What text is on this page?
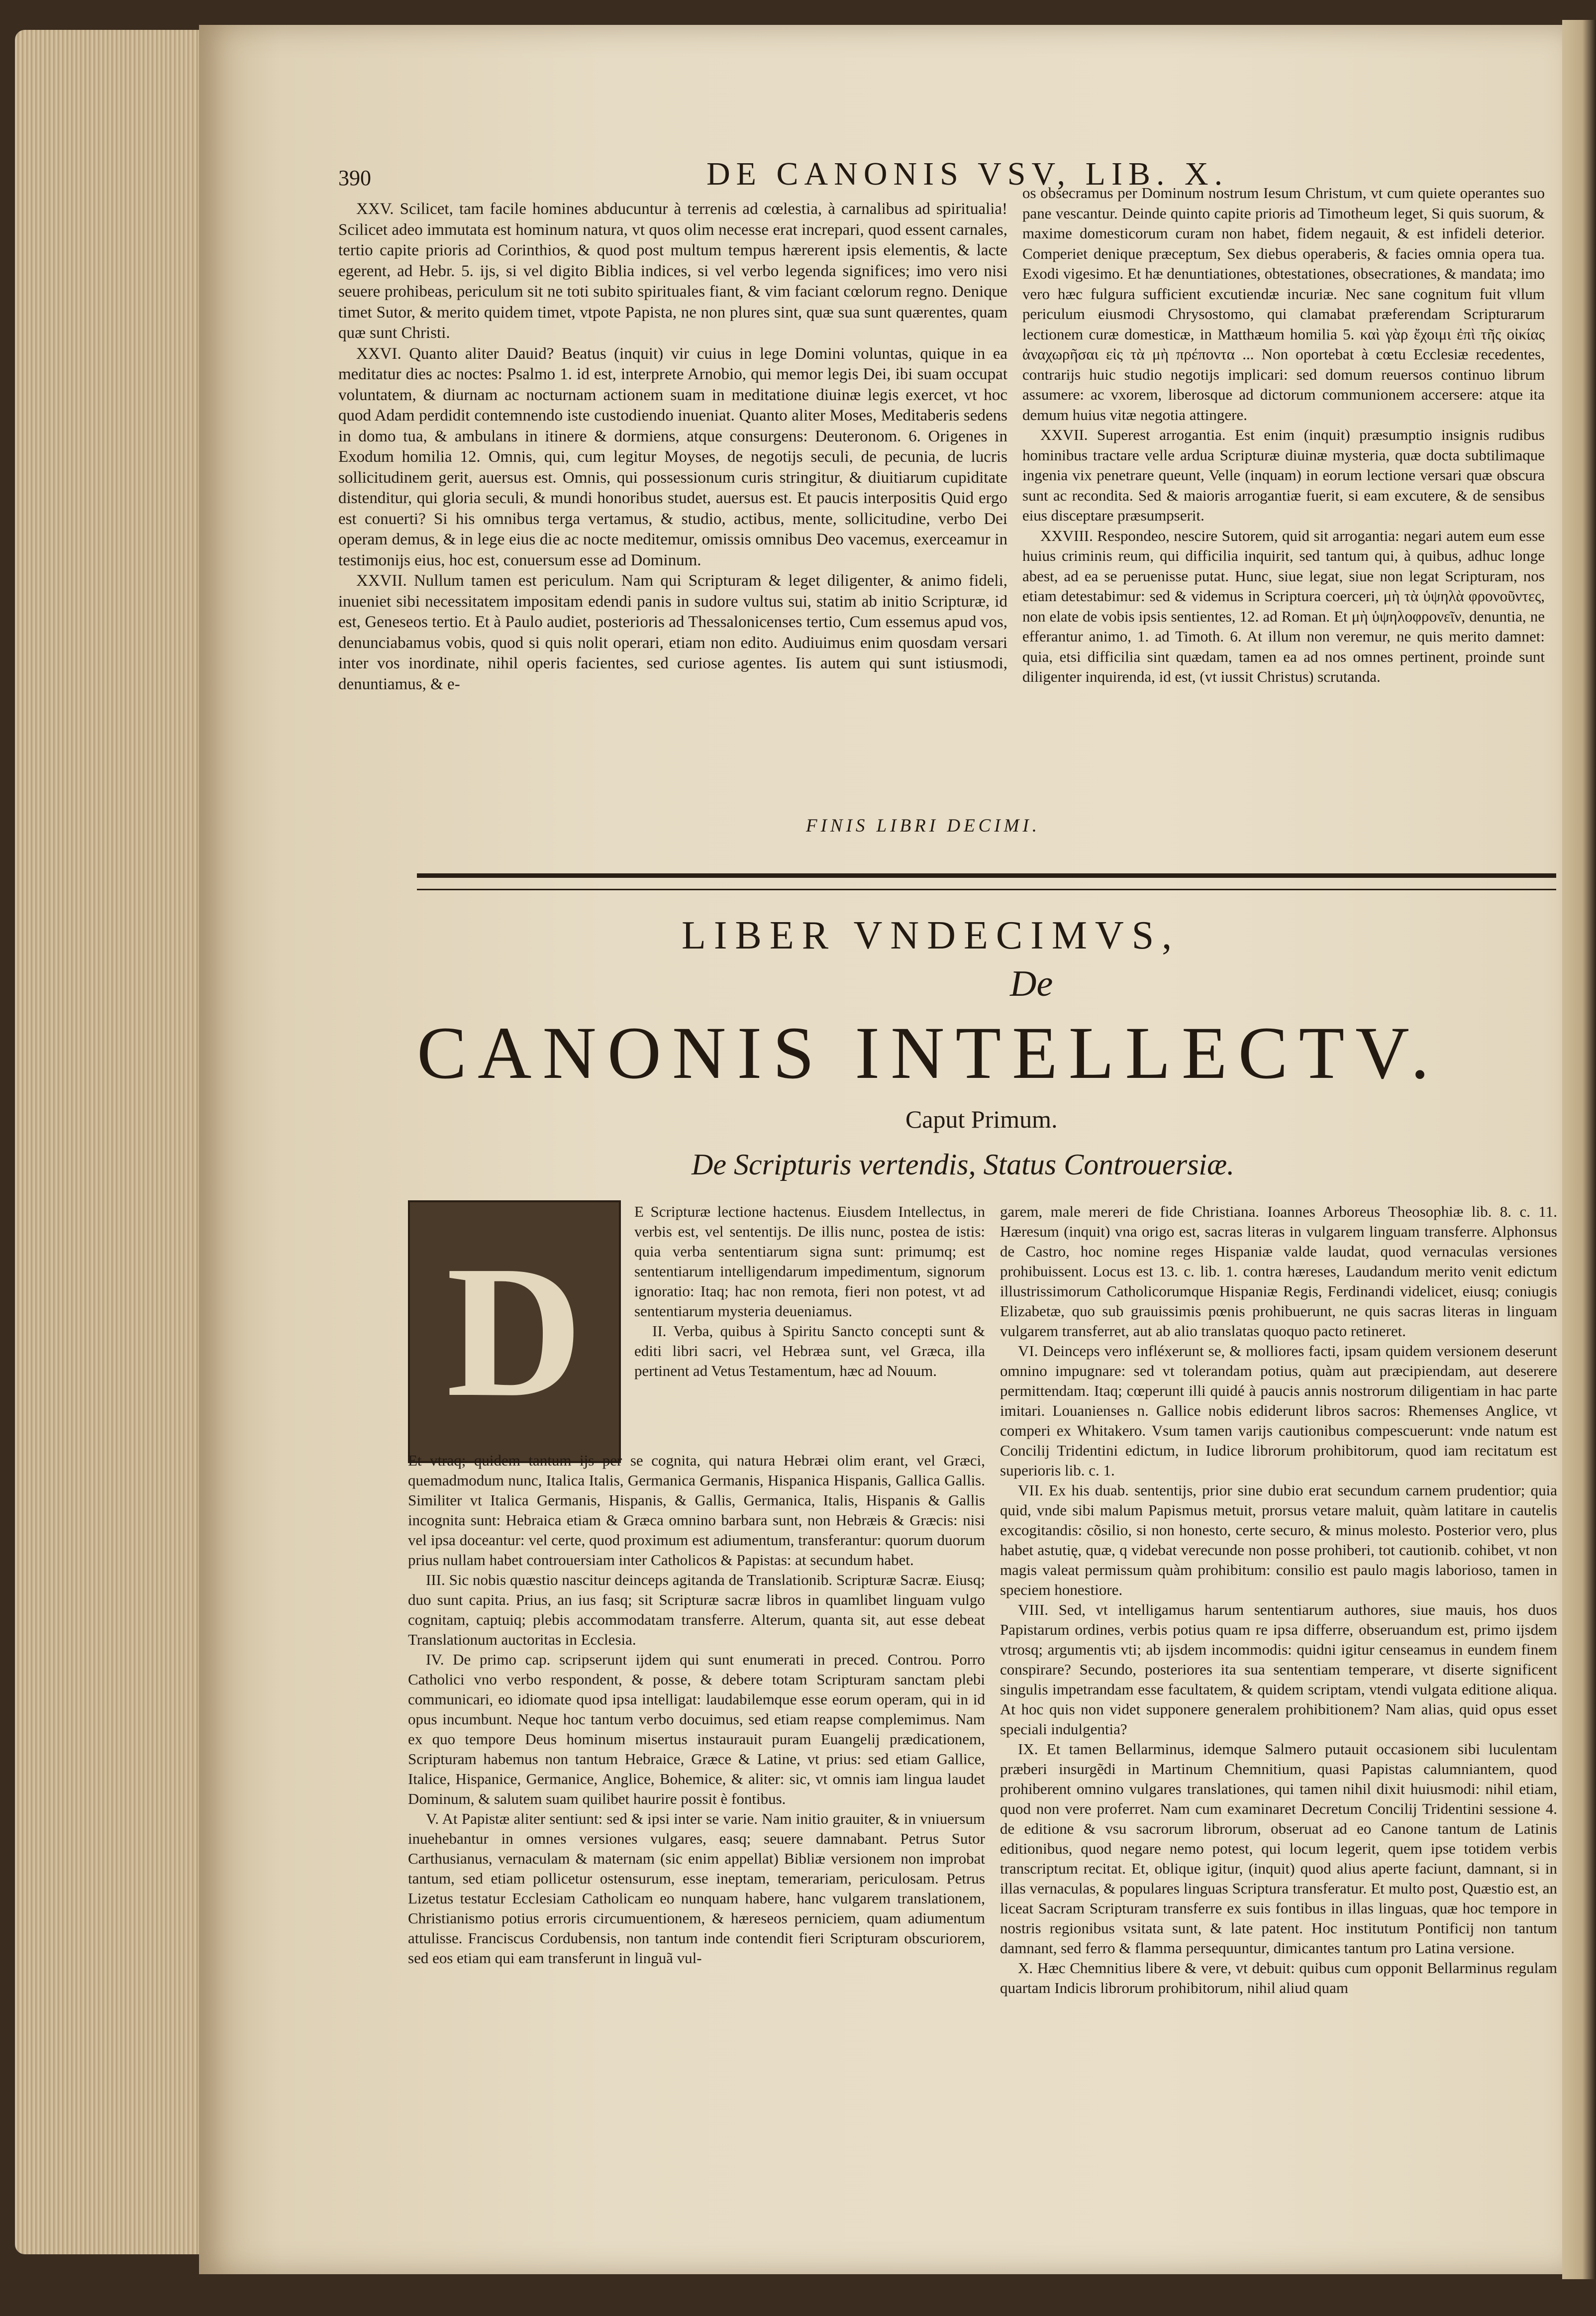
390	DE CANONIS VSV, LIB. X.

XXV. Scilicet, tam facile homines abducuntur à terrenis ad cœlestia, à carnalibus ad spiritualia! Scilicet adeo immutata est hominum natura, vt quos olim necesse erat increpari, quod essent carnales, tertio capite prioris ad Corinthios, & quod post multum tempus hærerent ipsis elementis, & lacte egerent, ad Hebr. 5. ijs, si vel digito Biblia indices, si vel verbo legenda significes; imo vero nisi seuere prohibeas, periculum sit ne toti subito spirituales fiant, & vim faciant cœlorum regno. Denique timet Sutor, & merito quidem timet, vtpote Papista, ne non plures sint, quæ sua sunt quærentes, quam quæ sunt Christi.

XXVI. Quanto aliter Dauid? Beatus (inquit) vir cuius in lege Domini voluntas, quique in ea meditatur dies ac noctes: Psalmo 1. id est, interprete Arnobio, qui memor legis Dei, ibi suam occupat voluntatem, & diurnam ac nocturnam actionem suam in meditatione diuinæ legis exercet, vt hoc quod Adam perdidit contemnendo iste custodiendo inueniat. Quanto aliter Moses, Meditaberis sedens in domo tua, & ambulans in itinere & dormiens, atque consurgens: Deuteronom. 6. Origenes in Exodum homilia 12. Omnis, qui, cum legitur Moyses, de negotijs seculi, de pecunia, de lucris sollicitudinem gerit, auersus est. Omnis, qui possessionum curis stringitur, & diuitiarum cupiditate distenditur, qui gloria seculi, & mundi honoribus studet, auersus est. Et paucis interpositis Quid ergo est conuerti? Si his omnibus terga vertamus, & studio, actibus, mente, sollicitudine, verbo Dei operam demus, & in lege eius die ac nocte meditemur, omissis omnibus Deo vacemus, exerceamur in testimonijs eius, hoc est, conuersum esse ad Dominum.

XXVII. Nullum tamen est periculum. Nam qui Scripturam & leget diligenter, & animo fideli, inueniet sibi necessitatem impositam edendi panis in sudore vultus sui, statim ab initio Scripturæ, id est, Geneseos tertio. Et à Paulo audiet, posterioris ad Thessalonicenses tertio, Cum essemus apud vos, denunciabamus vobis, quod si quis nolit operari, etiam non edito. Audiuimus enim quosdam versari inter vos inordinate, nihil operis facientes, sed curiose agentes. Iis autem qui sunt istiusmodi, denuntiamus, & e-

os obsecramus per Dominum nostrum Iesum Christum, vt cum quiete operantes suo pane vescantur. Deinde quinto capite prioris ad Timotheum leget, Si quis suorum, & maxime domesticorum curam non habet, fidem negauit, & est infideli deterior. Comperiet denique præceptum, Sex diebus operaberis, & facies omnia opera tua. Exodi vigesimo. Et hæ denuntiationes, obtestationes, obsecrationes, & mandata; imo vero hæc fulgura sufficient excutiendæ incuriæ. Nec sane cognitum fuit vllum periculum eiusmodi Chrysostomo, qui clamabat præferendam Scripturarum lectionem curæ domesticæ, in Matthæum homilia 5. καὶ γὰρ ἔχοιμι ἐπὶ τῆς οἰκίας ἀναχωρῆσαι εἰς τὰ μὴ πρέποντα ... Non oportebat à cœtu Ecclesiæ recedentes, contrarijs huic studio negotijs implicari: sed domum reuersos continuo librum assumere: ac vxorem, liberosque ad dictorum communionem accersere: atque ita demum huius vitæ negotia attingere.

XXVII. Superest arrogantia. Est enim (inquit) præsumptio insignis rudibus hominibus tractare velle ardua Scripturæ diuinæ mysteria, quæ docta subtilimaque ingenia vix penetrare queunt, Velle (inquam) in eorum lectione versari quæ obscura sunt ac recondita. Sed & maioris arrogantiæ fuerit, si eam excutere, & de sensibus eius disceptare præsumpserit.

XXVIII. Respondeo, nescire Sutorem, quid sit arrogantia: negari autem eum esse huius criminis reum, qui difficilia inquirit, sed tantum qui, à quibus, adhuc longe abest, ad ea se peruenisse putat. Hunc, siue legat, siue non legat Scripturam, nos etiam detestabimur: sed & videmus in Scriptura coerceri, μὴ τὰ ὑψηλὰ φρονοῦντες, non elate de vobis ipsis sentientes, 12. ad Roman. Et μὴ ὑψηλοφρονεῖν, denuntia, ne efferantur animo, 1. ad Timoth. 6. At illum non veremur, ne quis merito damnet: quia, etsi difficilia sint quædam, tamen ea ad nos omnes pertinent, proinde sunt diligenter inquirenda, id est, (vt iussit Christus) scrutanda.

FINIS LIBRI DECIMI.
LIBER VNDECIMVS,
De
CANONIS INTELLECTV.
Caput Primum.
De Scripturis vertendis, Status Controuersiæ.
D

E Scripturæ lectione hactenus. Eiusdem Intellectus, in verbis est, vel sententijs. De illis nunc, postea de istis: quia verba sententiarum signa sunt: primumq; est sententiarum intelligendarum impedimentum, signorum ignoratio: Itaq; hac non remota, fieri non potest, vt ad sententiarum mysteria deueniamus.

II. Verba, quibus à Spiritu Sancto concepti sunt & editi libri sacri, vel Hebræa sunt, vel Græca, illa pertinent ad Vetus Testamentum, hæc ad Nouum.

Et vtraq; quidem tantum ijs per se cognita, qui natura Hebræi olim erant, vel Græci, quemadmodum nunc, Italica Italis, Germanica Germanis, Hispanica Hispanis, Gallica Gallis. Similiter vt Italica Germanis, Hispanis, & Gallis, Germanica, Italis, Hispanis & Gallis incognita sunt: Hebraica etiam & Græca omnino barbara sunt, non Hebræis & Græcis: nisi vel ipsa doceantur: vel certe, quod proximum est adiumentum, transferantur: quorum duorum prius nullam habet controuersiam inter Catholicos & Papistas: at secundum habet.

III. Sic nobis quæstio nascitur deinceps agitanda de Translationib. Scripturæ Sacræ. Eiusq; duo sunt capita. Prius, an ius fasq; sit Scripturæ sacræ libros in quamlibet linguam vulgo cognitam, captuiq; plebis accommodatam transferre. Alterum, quanta sit, aut esse debeat Translationum auctoritas in Ecclesia.

IV. De primo cap. scripserunt ijdem qui sunt enumerati in preced. Controu. Porro Catholici vno verbo respondent, & posse, & debere totam Scripturam sanctam plebi communicari, eo idiomate quod ipsa intelligat: laudabilemque esse eorum operam, qui in id opus incumbunt. Neque hoc tantum verbo docuimus, sed etiam reapse complemimus. Nam ex quo tempore Deus hominum misertus instaurauit puram Euangelij prædicationem, Scripturam habemus non tantum Hebraice, Græce & Latine, vt prius: sed etiam Gallice, Italice, Hispanice, Germanice, Anglice, Bohemice, & aliter: sic, vt omnis iam lingua laudet Dominum, & salutem suam quilibet haurire possit è fontibus.

V. At Papistæ aliter sentiunt: sed & ipsi inter se varie. Nam initio grauiter, & in vniuersum inuehebantur in omnes versiones vulgares, easq; seuere damnabant. Petrus Sutor Carthusianus, vernaculam & maternam (sic enim appellat) Bibliæ versionem non improbat tantum, sed etiam pollicetur ostensurum, esse ineptam, temerariam, periculosam. Petrus Lizetus testatur Ecclesiam Catholicam eo nunquam habere, hanc vulgarem translationem, Christianismo potius erroris circumuentionem, & hæreseos perniciem, quam adiumentum attulisse. Franciscus Cordubensis, non tantum inde contendit fieri Scripturam obscuriorem, sed eos etiam qui eam transferunt in linguã vul-

garem, male mereri de fide Christiana. Ioannes Arboreus Theosophiæ lib. 8. c. 11. Hæresum (inquit) vna origo est, sacras literas in vulgarem linguam transferre. Alphonsus de Castro, hoc nomine reges Hispaniæ valde laudat, quod vernaculas versiones prohibuissent. Locus est 13. c. lib. 1. contra hæreses, Laudandum merito venit edictum illustrissimorum Catholicorumque Hispaniæ Regis, Ferdinandi videlicet, eiusq; coniugis Elizabetæ, quo sub grauissimis pœnis prohibuerunt, ne quis sacras literas in linguam vulgarem transferret, aut ab alio translatas quoquo pacto retineret.

VI. Deinceps vero infléxerunt se, & molliores facti, ipsam quidem versionem deserunt omnino impugnare: sed vt tolerandam potius, quàm aut præcipiendam, aut deserere permittendam. Itaq; cœperunt illi quidé à paucis annis nostrorum diligentiam in hac parte imitari. Louanienses n. Gallice nobis ediderunt libros sacros: Rhemenses Anglice, vt comperi ex Whitakero. Vsum tamen varijs cautionibus compescuerunt: vnde natum est Concilij Tridentini edictum, in Iudice librorum prohibitorum, quod iam recitatum est superioris lib. c. 1.

VII. Ex his duab. sententijs, prior sine dubio erat secundum carnem prudentior; quia quid, vnde sibi malum Papismus metuit, prorsus vetare maluit, quàm latitare in cautelis excogitandis: cõsilio, si non honesto, certe securo, & minus molesto. Posterior vero, plus habet astutię, quæ, q videbat verecunde non posse prohiberi, tot cautionib. cohibet, vt non magis valeat permissum quàm prohibitum: consilio est paulo magis laborioso, tamen in speciem honestiore.

VIII. Sed, vt intelligamus harum sententiarum authores, siue mauis, hos duos Papistarum ordines, verbis potius quam re ipsa differre, obseruandum est, primo ijsdem vtrosq; argumentis vti; ab ijsdem incommodis: quidni igitur censeamus in eundem finem conspirare? Secundo, posteriores ita sua sententiam temperare, vt diserte significent singulis impetrandam esse facultatem, & quidem scriptam, vtendi vulgata editione aliqua. At hoc quis non videt supponere generalem prohibitionem? Nam alias, quid opus esset speciali indulgentia?

IX. Et tamen Bellarminus, idemque Salmero putauit occasionem sibi luculentam præberi insurgẽdi in Martinum Chemnitium, quasi Papistas calumniantem, quod prohiberent omnino vulgares translationes, qui tamen nihil dixit huiusmodi: nihil etiam, quod non vere proferret. Nam cum examinaret Decretum Concilij Tridentini sessione 4. de editione & vsu sacrorum librorum, obseruat ad eo Canone tantum de Latinis editionibus, quod negare nemo potest, qui locum legerit, quem ipse totidem verbis transcriptum recitat. Et, oblique igitur, (inquit) quod alius aperte faciunt, damnant, si in illas vernaculas, & populares linguas Scriptura transferatur. Et multo post, Quæstio est, an liceat Sacram Scripturam transferre ex suis fontibus in illas linguas, quæ hoc tempore in nostris regionibus vsitata sunt, & late patent. Hoc institutum Pontificij non tantum damnant, sed ferro & flamma persequuntur, dimicantes tantum pro Latina versione.

X. Hæc Chemnitius libere & vere, vt debuit: quibus cum opponit Bellarminus regulam quartam Indicis librorum prohibitorum, nihil aliud quam
